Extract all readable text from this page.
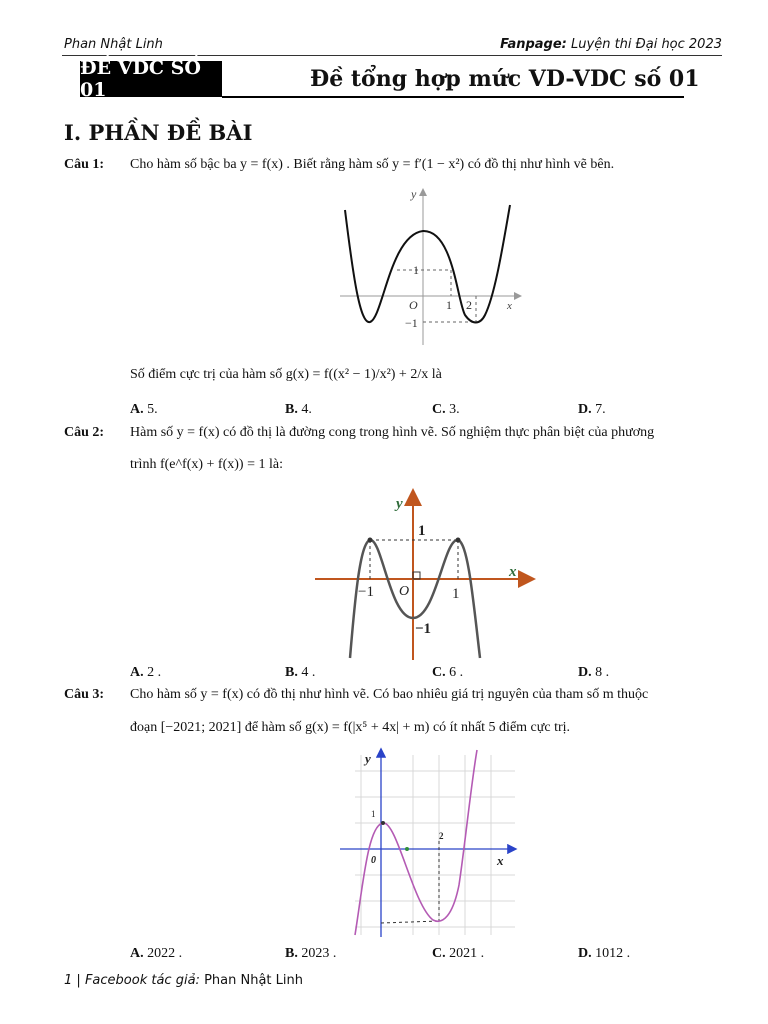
Phan Nhật Linh	Fanpage: Luyện thi Đại học 2023
ĐỀ VDC SỐ 01	Đề tổng hợp mức VD-VDC số 01
I. PHẦN ĐỀ BÀI
Câu 1: Cho hàm số bậc ba y = f(x) . Biết rằng hàm số y = f′(1 − x²) có đồ thị như hình vẽ bên.
y
x
O 1 2
1
−1
Số điểm cực trị của hàm số g(x) = f((x² − 1)/x²) + 2/x là
A. 5.	B. 4.	C. 3.	D. 7.
Câu 2: Hàm số y = f(x) có đồ thị là đường cong trong hình vẽ. Số nghiệm thực phân biệt của phương
trình f(e^f(x) + f(x)) = 1 là:
y
x
O
−1	1
1
−1
A. 2 .	B. 4 .	C. 6 .	D. 8 .
Câu 3: Cho hàm số y = f(x) có đồ thị như hình vẽ. Có bao nhiêu giá trị nguyên của tham số m thuộc
đoạn [−2021; 2021] để hàm số g(x) = f(|x⁵ + 4x| + m) có ít nhất 5 điểm cực trị.
y
x
0
1
2
A. 2022 .	B. 2023 .	C. 2021 .	D. 1012 .
1 | Facebook tác giả: Phan Nhật Linh
